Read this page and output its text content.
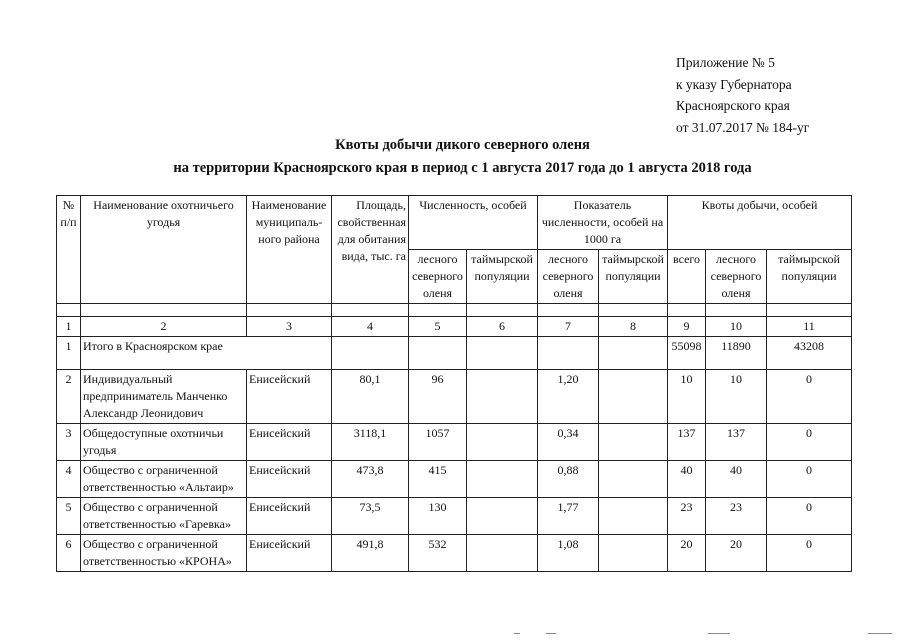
Приложение № 5
к указу Губернатора
Красноярского края
от 31.07.2017 № 184-уг
Квоты добычи дикого северного оленя
на территории Красноярского края в период с 1 августа 2017 года до 1 августа 2018 года
№ п/п	Наименование охотничьего угодья	Наименование муниципаль-ного района	Площадь, свойственная для обитания вида, тыс. га	Численность, особей		Показатель численности, особей на 1000 га		Квоты добычи, особей		
				лесного северного оленя	таймырской популяции	лесного северного оленя	таймырской популяции	всего	лесного северного оленя	таймырской популяции

1	2	3	4	5	6	7	8	9	10	11
1	Итого в Красноярском крае							55098	11890	43208
2	Индивидуальный предприниматель Манченко Александр Леонидович	Енисейский	80,1	96		1,20		10	10	0
3	Общедоступные охотничьи угодья	Енисейский	3118,1	1057		0,34		137	137	0
4	Общество с ограниченной ответственностью «Альтаир»	Енисейский	473,8	415		0,88		40	40	0
5	Общество с ограниченной ответственностью «Гаревка»	Енисейский	73,5	130		1,77		23	23	0
6	Общество с ограниченной ответственностью «КРОНА»	Енисейский	491,8	532		1,08		20	20	0
